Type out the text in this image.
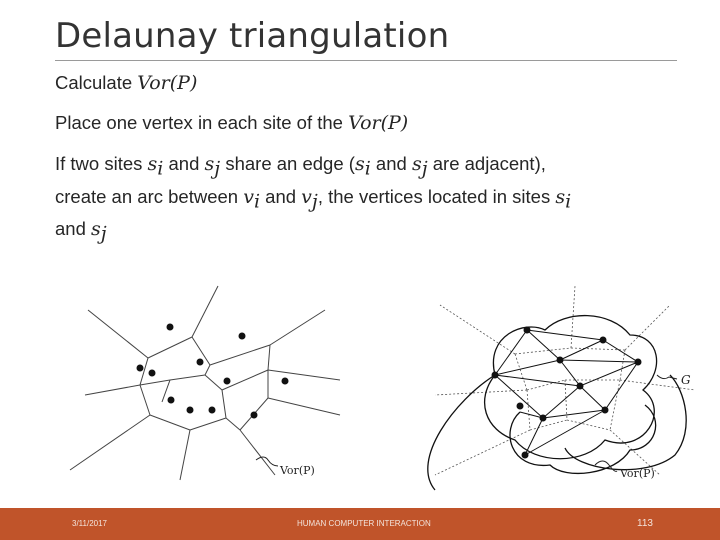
Delaunay triangulation
Calculate Vor(P)
Place one vertex in each site of the Vor(P)
If two sites $s_i$ and $s_j$ share an edge ($s_i$ and $s_j$ are adjacent),
create an arc between $v_i$ and $v_j$, the vertices located in sites $s_i$
and $s_j$
Vor(P)
G
Vor(P)
3/11/2017	HUMAN COMPUTER INTERACTION	113
